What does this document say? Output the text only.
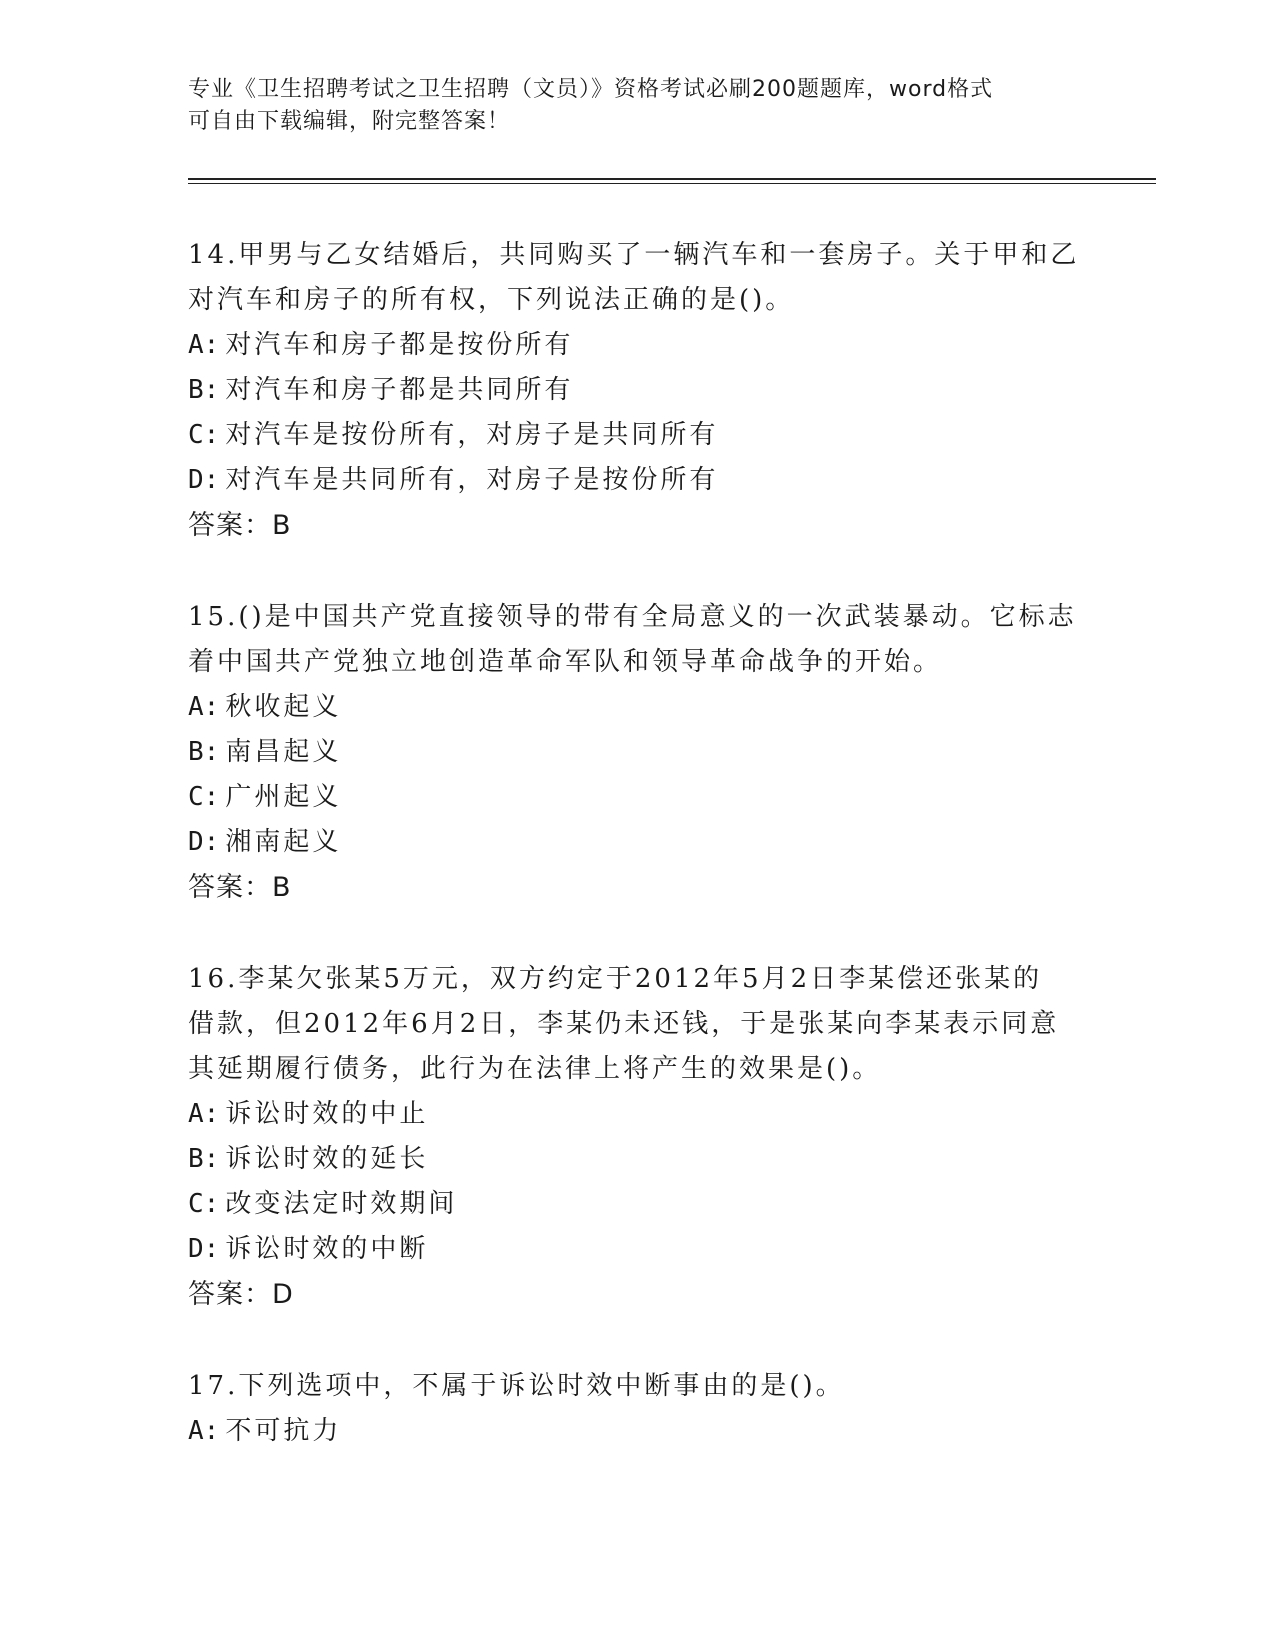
专业《卫生招聘考试之卫生招聘（文员）》资格考试必刷200题题库，word格式
可自由下载编辑，附完整答案！
14.甲男与乙女结婚后，共同购买了一辆汽车和一套房子。关于甲和乙
对汽车和房子的所有权，下列说法正确的是()。
A: 对汽车和房子都是按份所有
B: 对汽车和房子都是共同所有
C: 对汽车是按份所有，对房子是共同所有
D: 对汽车是共同所有，对房子是按份所有
答案：B
15.()是中国共产党直接领导的带有全局意义的一次武装暴动。它标志
着中国共产党独立地创造革命军队和领导革命战争的开始。
A: 秋收起义
B: 南昌起义
C: 广州起义
D: 湘南起义
答案：B
16.李某欠张某5万元，双方约定于2012年5月2日李某偿还张某的
借款，但2012年6月2日，李某仍未还钱，于是张某向李某表示同意
其延期履行债务，此行为在法律上将产生的效果是()。
A: 诉讼时效的中止
B: 诉讼时效的延长
C: 改变法定时效期间
D: 诉讼时效的中断
答案：D
17.下列选项中，不属于诉讼时效中断事由的是()。
A: 不可抗力
